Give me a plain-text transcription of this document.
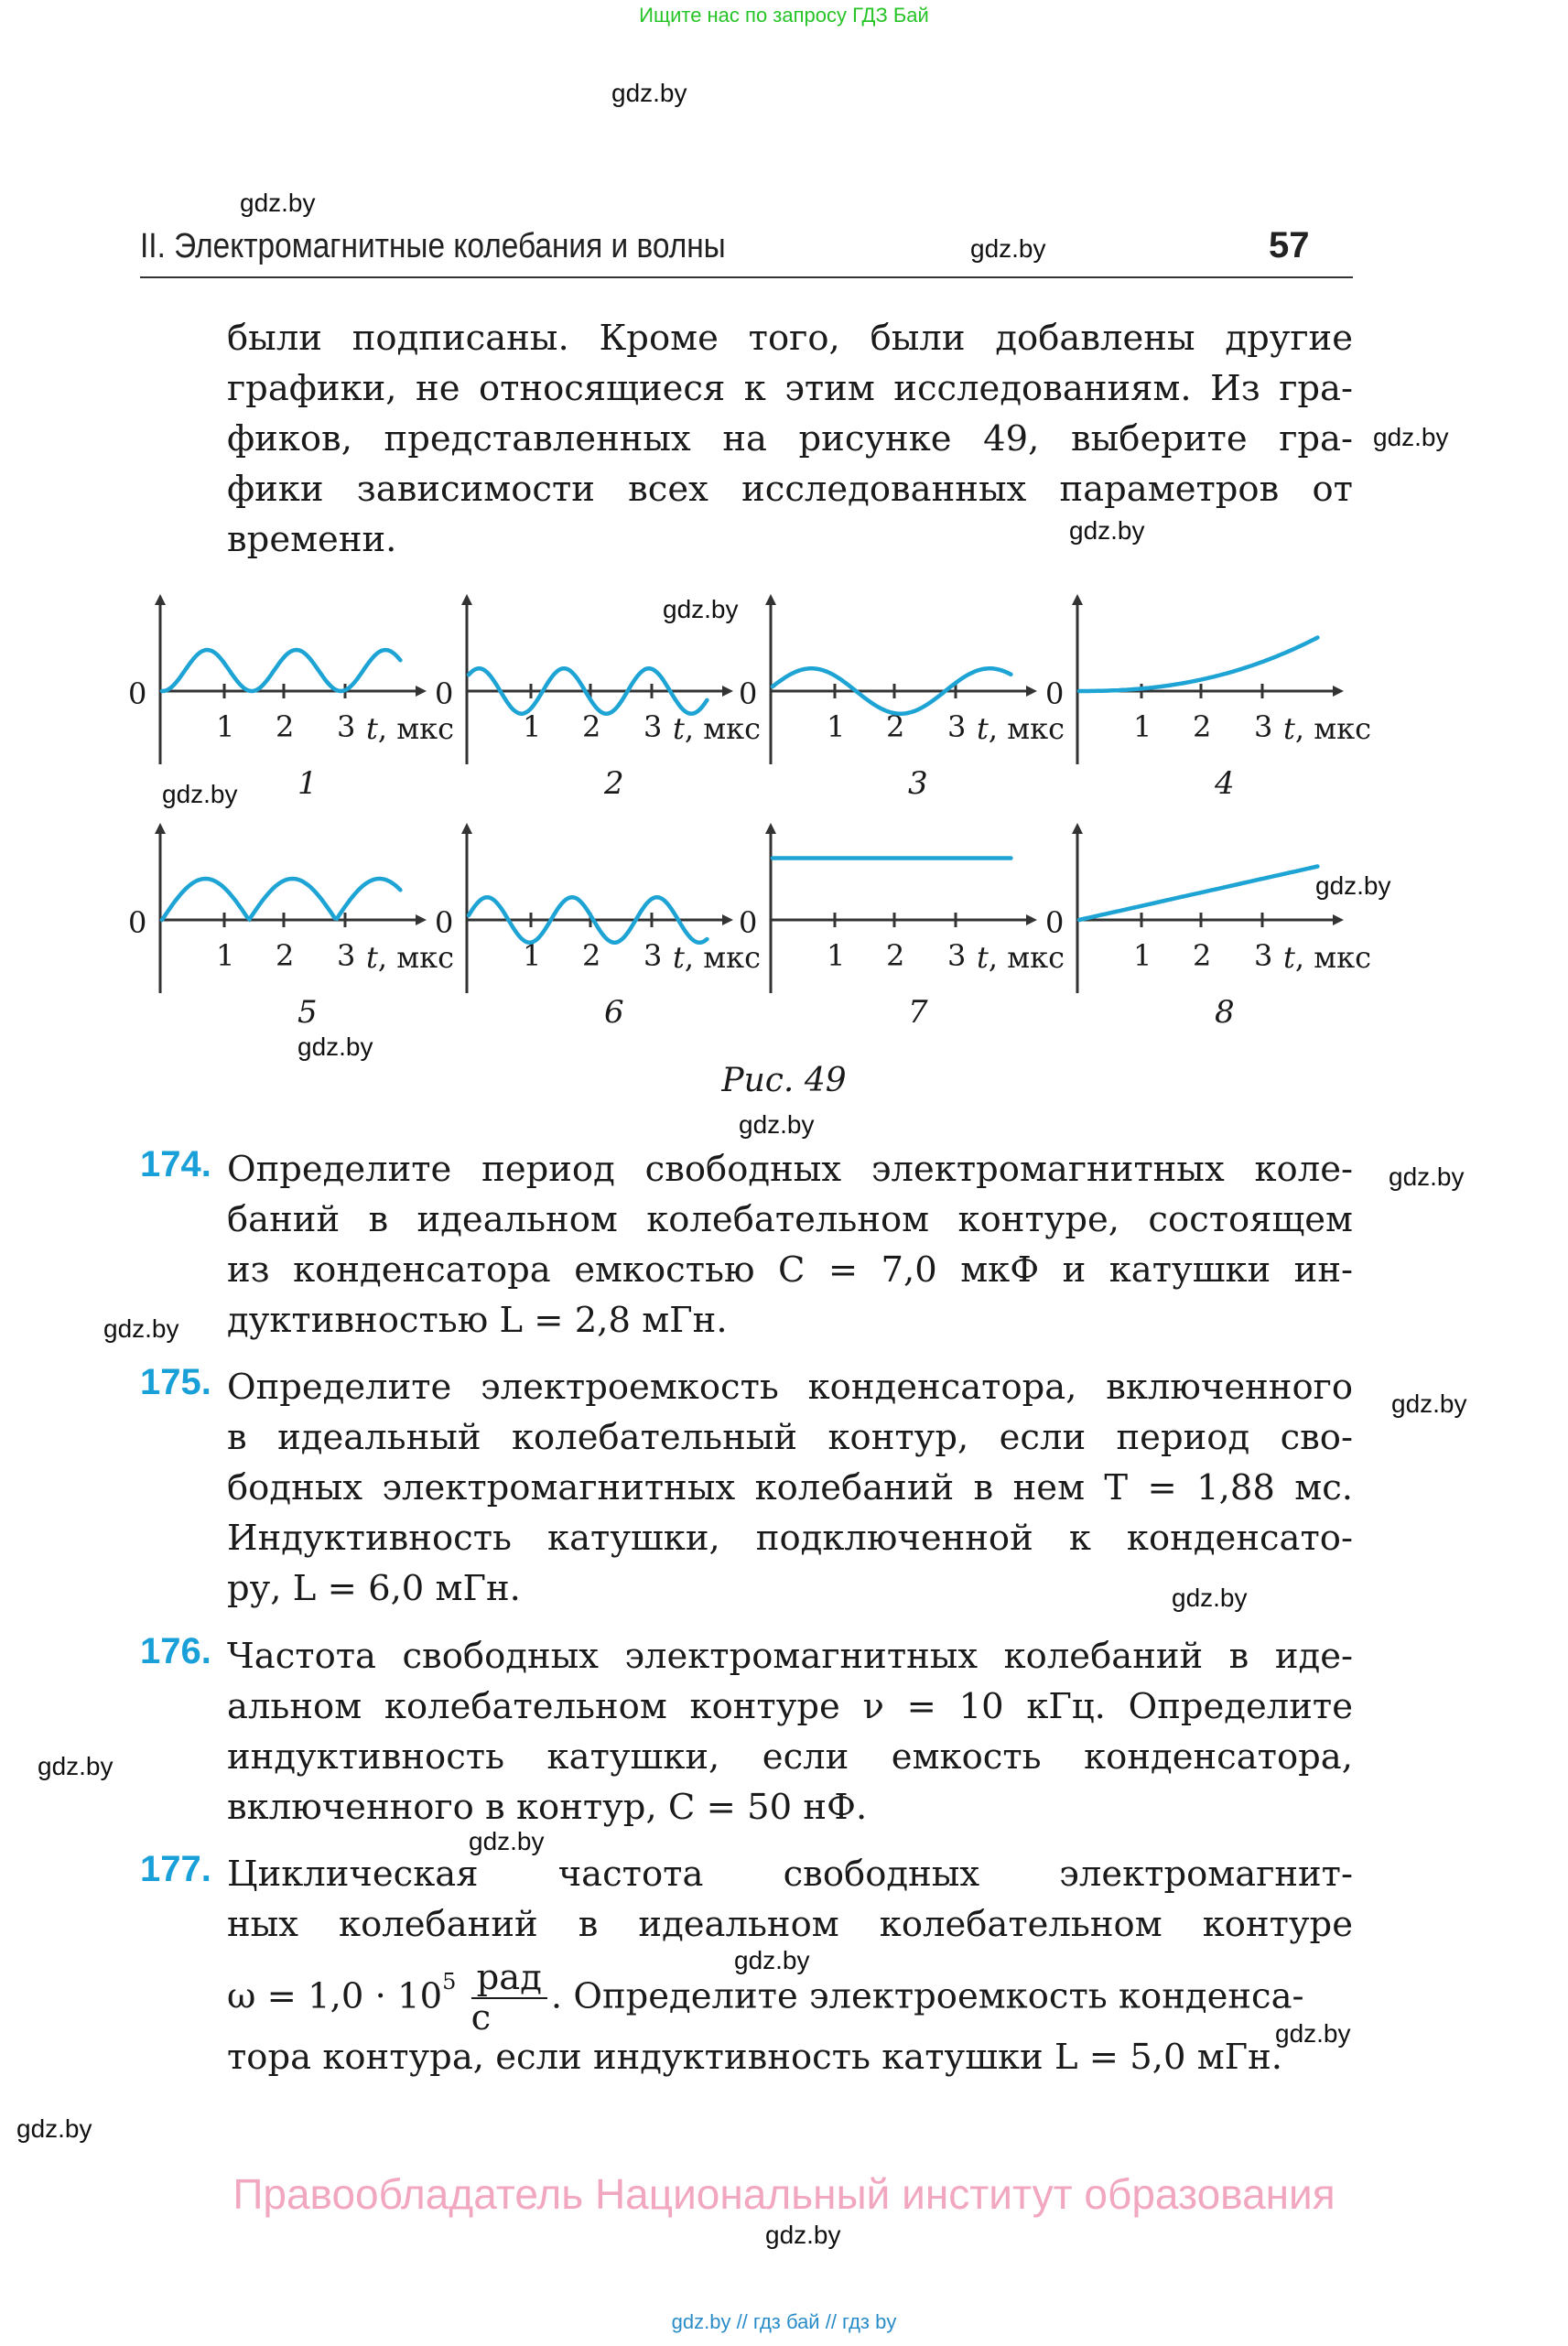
Ищите нас по запросу ГДЗ Бай
gdz.by
gdz.by
gdz.by
gdz.by
gdz.by
gdz.by
gdz.by
gdz.by
gdz.by
gdz.by
gdz.by
gdz.by
gdz.by
gdz.by
gdz.by
gdz.by
gdz.by
gdz.by
gdz.by
gdz.by
II. Электромагнитные колебания и волны	57
были подписаны. Кроме того, были добавлены другие
графики, не относящиеся к этим исследованиям. Из гра-
фиков, представленных на рисунке 49, выберите гра-
фики зависимости всех исследованных параметров от
времени.
0
1 2 3 t, мкс
1
0
1 2 3 t, мкс
2
0
1 2 3 t, мкс
3
0
1 2 3 t, мкс
4
0
1 2 3 t, мкс
5
0
1 2 3 t, мкс
6
0
1 2 3 t, мкс
7
0
1 2 3 t, мкс
8
Рис. 49
174. Определите период свободных электромагнитных коле-
баний в идеальном колебательном контуре, состоящем
из конденсатора емкостью C = 7,0 мкФ и катушки ин-
дуктивностью L = 2,8 мГн.
175. Определите электроемкость конденсатора, включенного
в идеальный колебательный контур, если период сво-
бодных электромагнитных колебаний в нем T = 1,88 мс.
Индуктивность катушки, подключенной к конденсато-
ру, L = 6,0 мГн.
176. Частота свободных электромагнитных колебаний в иде-
альном колебательном контуре ν = 10 кГц. Определите
индуктивность катушки, если емкость конденсатора,
включенного в контур, C = 50 нФ.
177. Циклическая частота свободных электромагнит-
ных колебаний в идеальном колебательном контуре
$\omega = 1,0 \cdot 10^5 \frac{\text{рад}}{с}$ . Определите электроемкость конденса-
тора контура, если индуктивность катушки L = 5,0 мГн.
Правообладатель Национальный институт образования
gdz.by // гдз бай // гдз by
